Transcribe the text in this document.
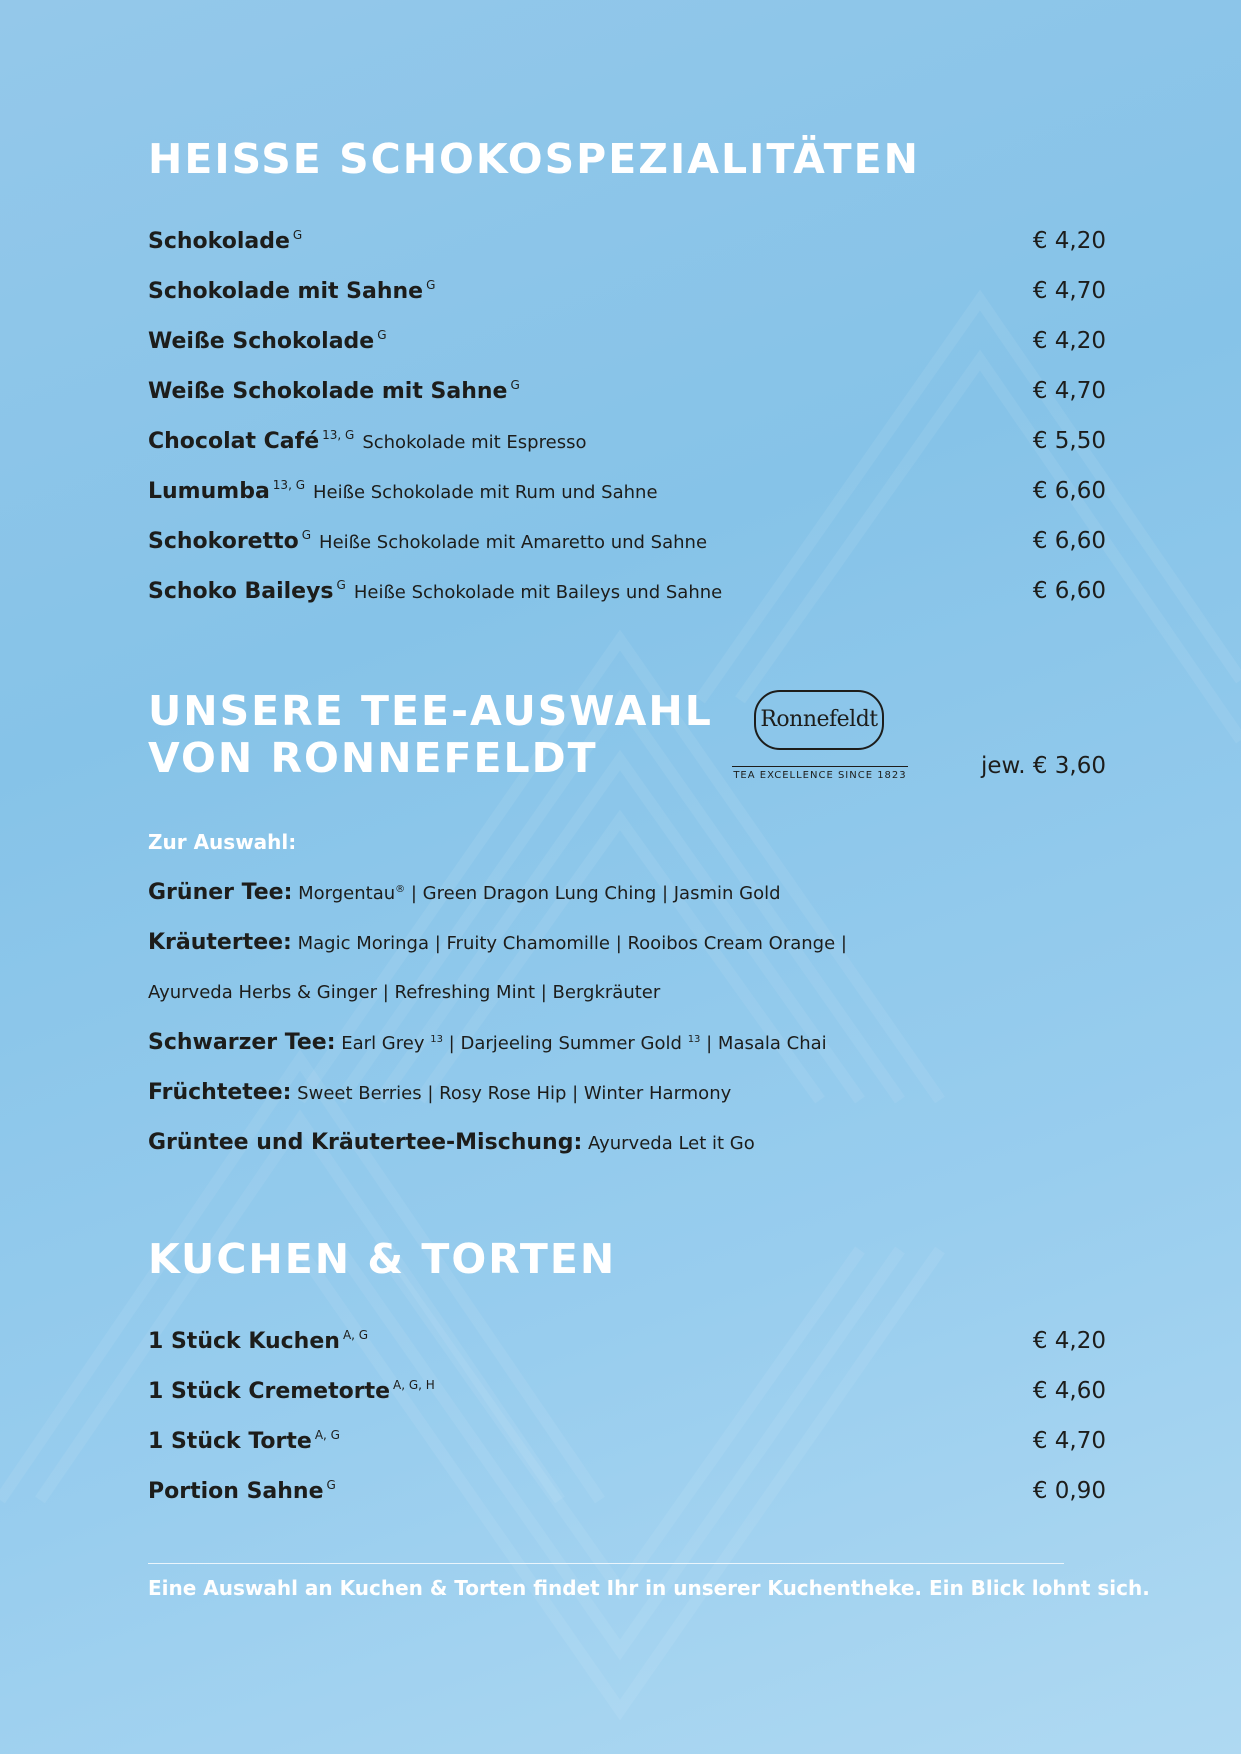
HEISSE SCHOKOSPEZIALITÄTEN
Schokolade $^G$	€ 4,20
Schokolade mit Sahne $^G$	€ 4,70
Weiße Schokolade $^G$	€ 4,20
Weiße Schokolade mit Sahne $^G$	€ 4,70
Chocolat Café $^{13, G}$ Schokolade mit Espresso	€ 5,50
Lumumba $^{13, G}$ Heiße Schokolade mit Rum und Sahne	€ 6,60
Schokoretto $^G$ Heiße Schokolade mit Amaretto und Sahne	€ 6,60
Schoko Baileys $^G$ Heiße Schokolade mit Baileys und Sahne	€ 6,60
UNSERE TEE-AUSWAHL
VON RONNEFELDT
Ronnefeldt
TEA EXCELLENCE SINCE 1823	jew. € 3,60
Zur Auswahl:
Grüner Tee: Morgentau® | Green Dragon Lung Ching | Jasmin Gold
Kräutertee: Magic Moringa | Fruity Chamomille | Rooibos Cream Orange |
Ayurveda Herbs & Ginger | Refreshing Mint | Bergkräuter
Schwarzer Tee: Earl Grey $^{13}$ | Darjeeling Summer Gold $^{13}$ | Masala Chai
Früchtetee: Sweet Berries | Rosy Rose Hip | Winter Harmony
Grüntee und Kräutertee-Mischung: Ayurveda Let it Go
KUCHEN & TORTEN
1 Stück Kuchen $^{A, G}$	€ 4,20
1 Stück Cremetorte $^{A, G, H}$	€ 4,60
1 Stück Torte $^{A, G}$	€ 4,70
Portion Sahne $^G$	€ 0,90
Eine Auswahl an Kuchen & Torten findet Ihr in unserer Kuchentheke. Ein Blick lohnt sich.
